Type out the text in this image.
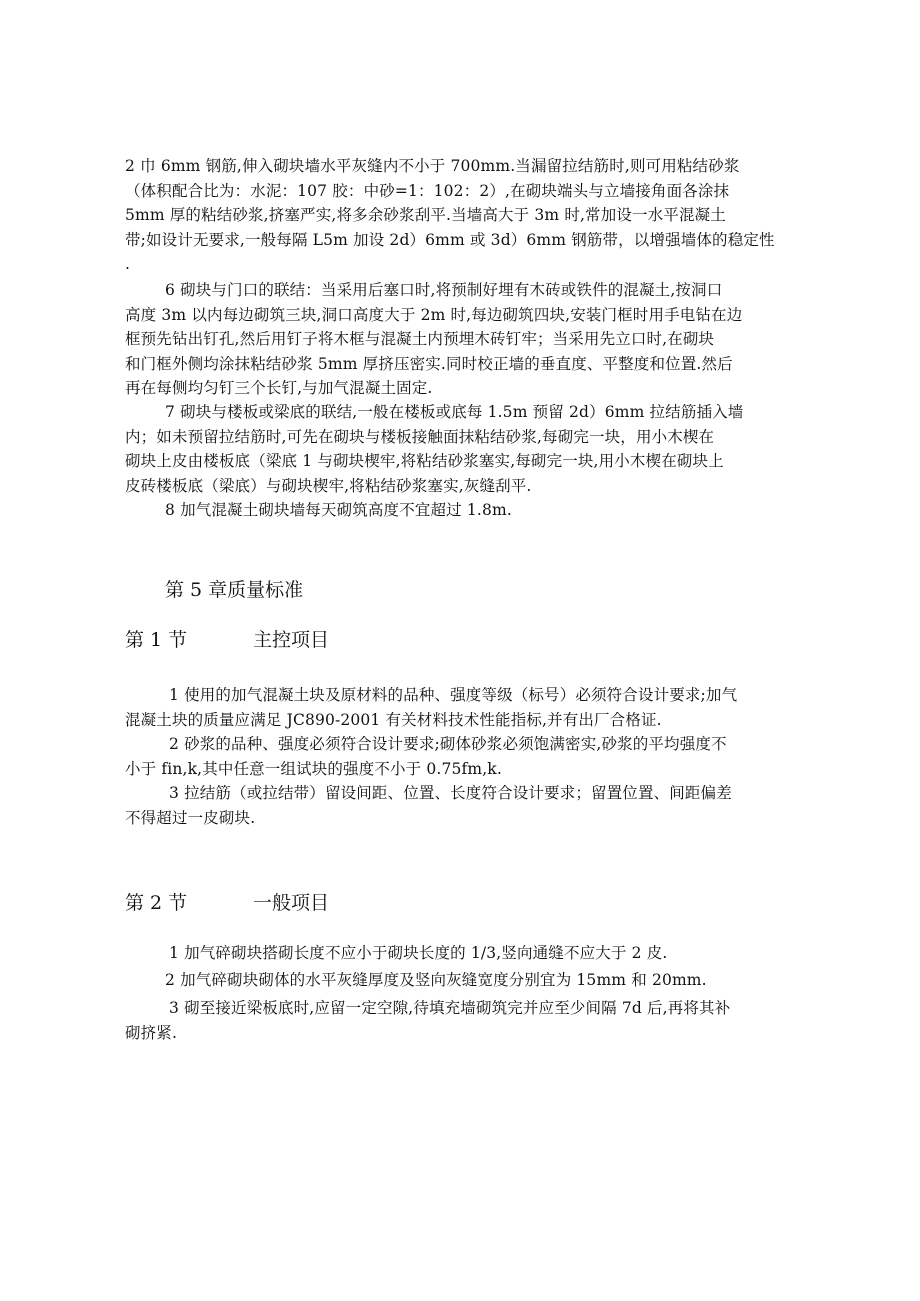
2 巾 6mm 钢筋,伸入砌块墙水平灰缝内不小于 700mm.当漏留拉结筋时,则可用粘结砂浆
（体积配合比为：水泥：107 胶：中砂=1：102：2）,在砌块端头与立墙接角面各涂抹
5mm 厚的粘结砂浆,挤塞严实,将多余砂浆刮平.当墙高大于 3m 时,常加设一水平混凝土
带;如设计无要求,一般每隔 L5m 加设 2d）6mm 或 3d）6mm 钢筋带，以增强墙体的稳定性
.

6 砌块与门口的联结：当采用后塞口时,将预制好埋有木砖或铁件的混凝土,按洞口
高度 3m 以内每边砌筑三块,洞口高度大于 2m 时,每边砌筑四块,安装门框时用手电钻在边
框预先钻出钉孔,然后用钉子将木框与混凝土内预埋木砖钉牢；当采用先立口时,在砌块
和门框外侧均涂抹粘结砂浆 5mm 厚挤压密实.同时校正墙的垂直度、平整度和位置.然后
再在每侧均匀钉三个长钉,与加气混凝土固定.

7 砌块与楼板或梁底的联结,一般在楼板或底每 1.5m 预留 2d）6mm 拉结筋插入墙
内；如未预留拉结筋时,可先在砌块与楼板接触面抹粘结砂浆,每砌完一块，用小木楔在
砌块上皮由楼板底（梁底 1 与砌块楔牢,将粘结砂浆塞实,每砌完一块,用小木楔在砌块上
皮砖楼板底（梁底）与砌块楔牢,将粘结砂浆塞实,灰缝刮平.

8 加气混凝土砌块墙每天砌筑高度不宜超过 1.8m.

第 5 章质量标准
第 1 节	主控项目

1 使用的加气混凝土块及原材料的品种、强度等级（标号）必须符合设计要求;加气
混凝土块的质量应满足 JC890-2001 有关材料技术性能指标,并有出厂合格证.

2 砂浆的品种、强度必须符合设计要求;砌体砂浆必须饱满密实,砂浆的平均强度不
小于 fin,k,其中任意一组试块的强度不小于 0.75fm,k.

3 拉结筋（或拉结带）留设间距、位置、长度符合设计要求；留置位置、间距偏差
不得超过一皮砌块.

第 2 节	一般项目

1 加气碎砌块搭砌长度不应小于砌块长度的 1/3,竖向通缝不应大于 2 皮.

2 加气碎砌块砌体的水平灰缝厚度及竖向灰缝宽度分别宜为 15mm 和 20mm.

3 砌至接近梁板底时,应留一定空隙,待填充墙砌筑完并应至少间隔 7d 后,再将其补
砌挤紧.
